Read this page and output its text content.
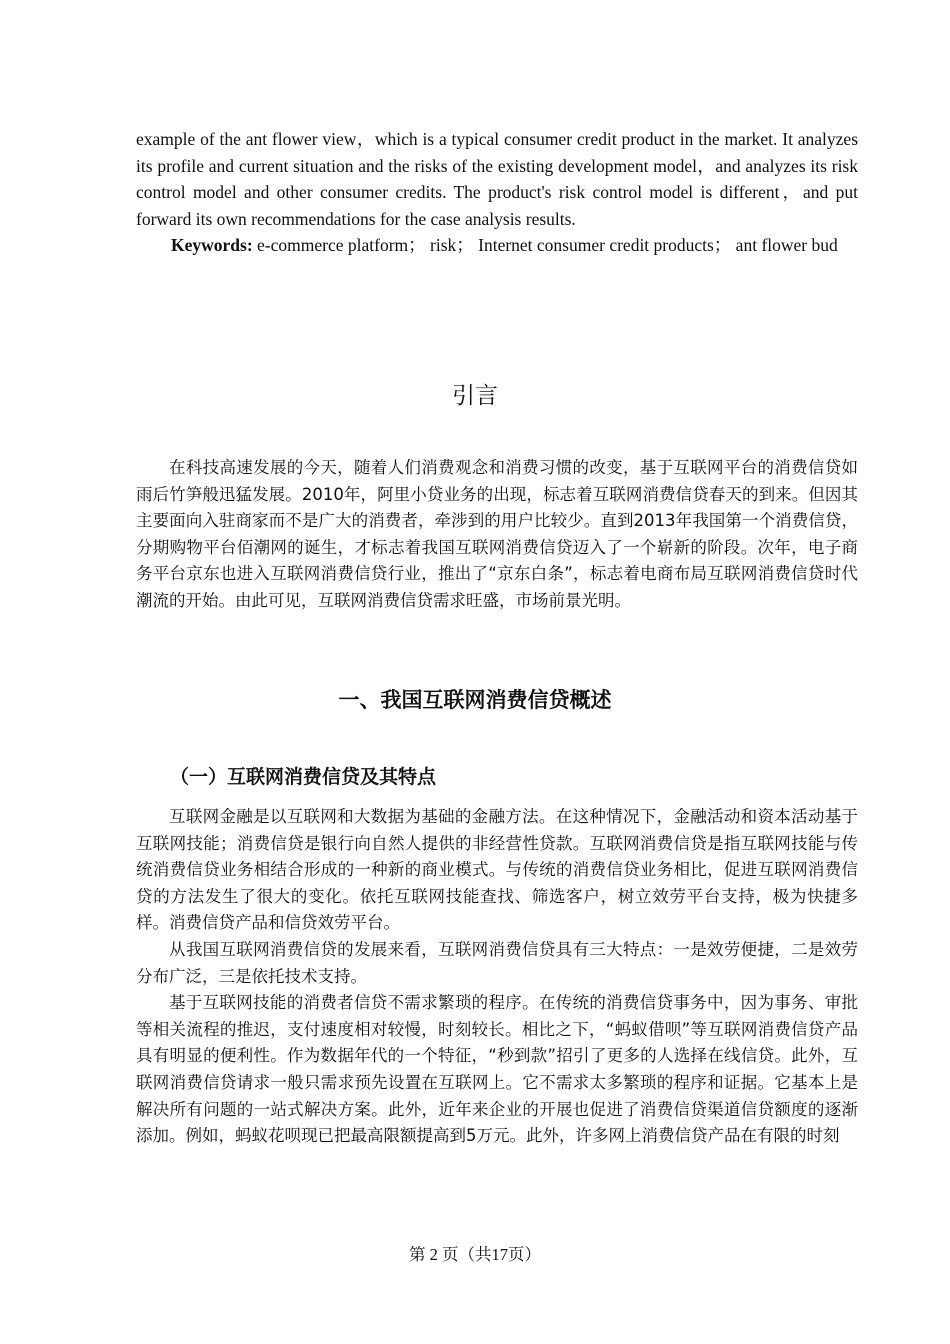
example of the ant flower view，which is a typical consumer credit product in the market. It analyzes its profile and current situation and the risks of the existing development model，and analyzes its risk control model and other consumer credits. The product's risk control model is different，and put forward its own recommendations for the case analysis results.
Keywords: e-commerce platform； risk； Internet consumer credit products； ant flower bud
引言
在科技高速发展的今天，随着人们消费观念和消费习惯的改变，基于互联网平台的消费信贷如雨后竹笋般迅猛发展。2010年，阿里小贷业务的出现，标志着互联网消费信贷春天的到来。但因其主要面向入驻商家而不是广大的消费者，牵涉到的用户比较少。直到2013年我国第一个消费信贷，分期购物平台佰潮网的诞生，才标志着我国互联网消费信贷迈入了一个崭新的阶段。次年，电子商务平台京东也进入互联网消费信贷行业，推出了“京东白条”，标志着电商布局互联网消费信贷时代潮流的开始。由此可见，互联网消费信贷需求旺盛，市场前景光明。
一、我国互联网消费信贷概述
（一）互联网消费信贷及其特点
互联网金融是以互联网和大数据为基础的金融方法。在这种情况下，金融活动和资本活动基于互联网技能；消费信贷是银行向自然人提供的非经营性贷款。互联网消费信贷是指互联网技能与传统消费信贷业务相结合形成的一种新的商业模式。与传统的消费信贷业务相比，促进互联网消费信贷的方法发生了很大的变化。依托互联网技能查找、筛选客户，树立效劳平台支持，极为快捷多样。消费信贷产品和信贷效劳平台。
从我国互联网消费信贷的发展来看，互联网消费信贷具有三大特点：一是效劳便捷，二是效劳分布广泛，三是依托技术支持。
基于互联网技能的消费者信贷不需求繁琐的程序。在传统的消费信贷事务中，因为事务、审批等相关流程的推迟，支付速度相对较慢，时刻较长。相比之下，“蚂蚁借呗”等互联网消费信贷产品具有明显的便利性。作为数据年代的一个特征，“秒到款”招引了更多的人选择在线信贷。此外，互联网消费信贷请求一般只需求预先设置在互联网上。它不需求太多繁琐的程序和证据。它基本上是解决所有问题的一站式解决方案。此外，近年来企业的开展也促进了消费信贷渠道信贷额度的逐渐添加。例如，蚂蚁花呗现已把最高限额提高到5万元。此外，许多网上消费信贷产品在有限的时刻
第 2 页（共17页）
